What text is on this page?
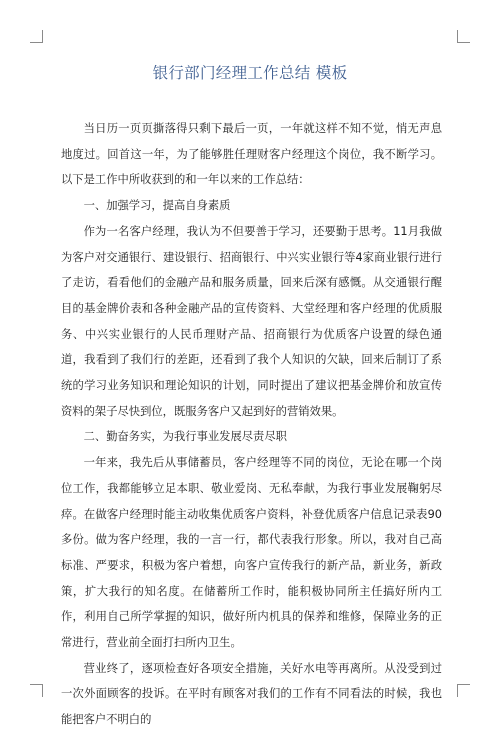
银行部门经理工作总结 模板

当日历一页页撕落得只剩下最后一页，一年就这样不知不觉，悄无声息地度过。回首这一年，为了能够胜任理财客户经理这个岗位，我不断学习。以下是工作中所收获到的和一年以来的工作总结：

一、加强学习，提高自身素质

作为一名客户经理，我认为不但要善于学习，还要勤于思考。11月我做为客户对交通银行、建设银行、招商银行、中兴实业银行等4家商业银行进行了走访，看看他们的金融产品和服务质量，回来后深有感慨。从交通银行醒目的基金牌价表和各种金融产品的宣传资料、大堂经理和客户经理的优质服务、中兴实业银行的人民币理财产品、招商银行为优质客户设置的绿色通道，我看到了我们行的差距，还看到了我个人知识的欠缺，回来后制订了系统的学习业务知识和理论知识的计划，同时提出了建议把基金牌价和放宣传资料的架子尽快到位，既服务客户又起到好的营销效果。

二、勤奋务实，为我行事业发展尽责尽职

一年来，我先后从事储蓄员，客户经理等不同的岗位，无论在哪一个岗位工作，我都能够立足本职、敬业爱岗、无私奉献，为我行事业发展鞠躬尽瘁。在做客户经理时能主动收集优质客户资料，补登优质客户信息记录表90多份。做为客户经理，我的一言一行，都代表我行形象。所以，我对自己高标准、严要求，积极为客户着想，向客户宣传我行的新产品，新业务，新政策，扩大我行的知名度。在储蓄所工作时，能积极协同所主任搞好所内工作，利用自己所学掌握的知识，做好所内机具的保养和维修，保障业务的正常进行，营业前全面打扫所内卫生。

营业终了，逐项检查好各项安全措施，关好水电等再离所。从没受到过一次外面顾客的投诉。在平时有顾客对我们的工作有不同看法的时候，我也能把客户不明白的
